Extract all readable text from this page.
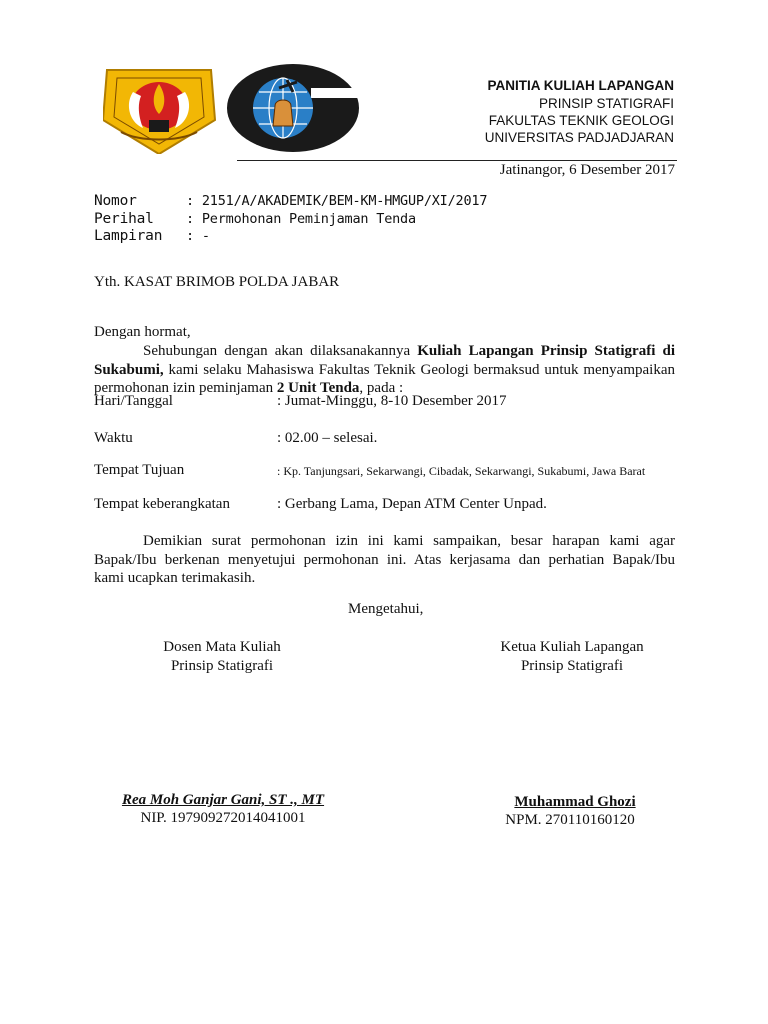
PANITIA KULIAH LAPANGAN
PRINSIP STATIGRAFI
FAKULTAS TEKNIK GEOLOGI
UNIVERSITAS PADJADJARAN
Jatinangor, 6 Desember 2017
Nomor	: 2151/A/AKADEMIK/BEM-KM-HMGUP/XI/2017
Perihal : Permohonan Peminjaman Tenda
Lampiran : -
Yth. KASAT BRIMOB POLDA JABAR
Dengan hormat,
Sehubungan dengan akan dilaksanakannya Kuliah Lapangan Prinsip Statigrafi di
Sukabumi, kami selaku Mahasiswa Fakultas Teknik Geologi bermaksud untuk menyampaikan
permohonan izin peminjaman 2 Unit Tenda, pada :
Hari/Tanggal	: Jumat-Minggu, 8-10 Desember 2017
Waktu	: 02.00 – selesai.
Tempat Tujuan	: Kp. Tanjungsari, Sekarwangi, Cibadak, Sekarwangi, Sukabumi, Jawa Barat
Tempat keberangkatan	: Gerbang Lama, Depan ATM Center Unpad.
Demikian surat permohonan izin ini kami sampaikan, besar harapan kami agar
Bapak/Ibu berkenan menyetujui permohonan ini. Atas kerjasama dan perhatian Bapak/Ibu
kami ucapkan terimakasih.
Mengetahui,
Dosen Mata Kuliah
Prinsip Statigrafi
Rea Moh Ganjar Gani, ST ., MT
NIP. 197909272014041001
Ketua Kuliah Lapangan
Prinsip Statigrafi
Muhammad Ghozi
NPM. 270110160120
